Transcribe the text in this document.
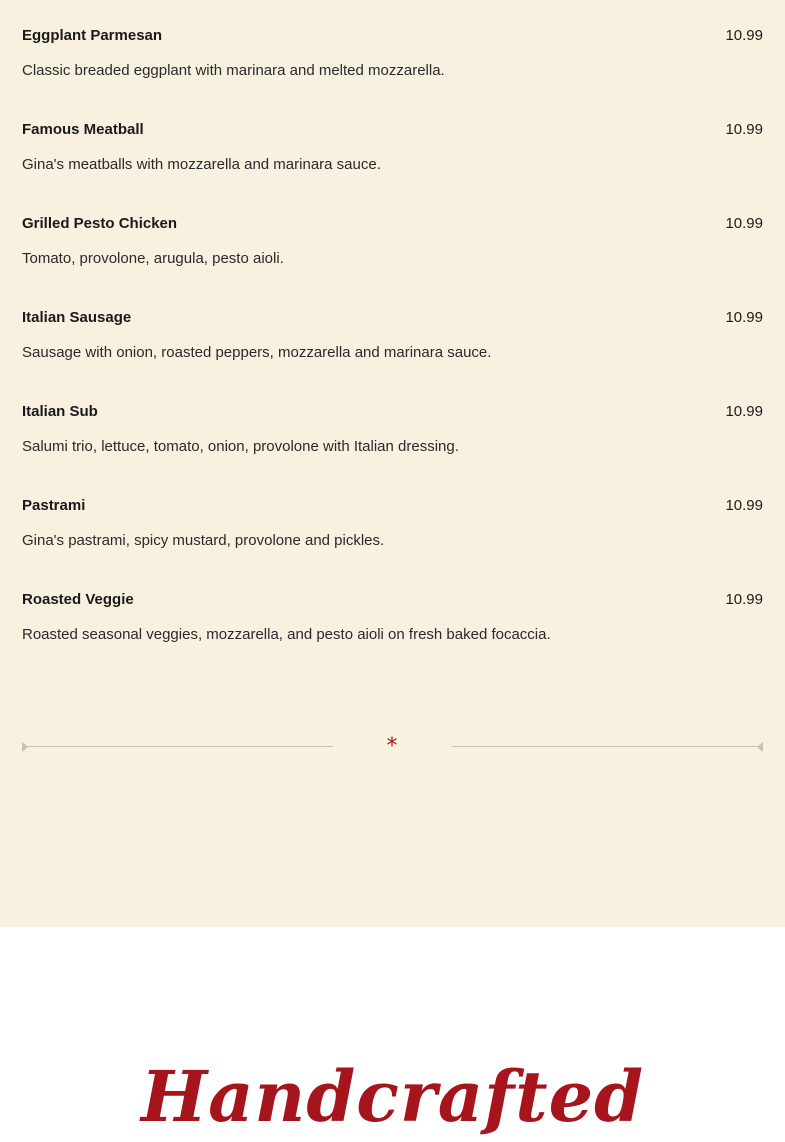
Eggplant Parmesan	10.99
Classic breaded eggplant with marinara and melted mozzarella.
Famous Meatball	10.99
Gina's meatballs with mozzarella and marinara sauce.
Grilled Pesto Chicken	10.99
Tomato, provolone, arugula, pesto aioli.
Italian Sausage	10.99
Sausage with onion, roasted peppers, mozzarella and marinara sauce.
Italian Sub	10.99
Salumi trio, lettuce, tomato, onion, provolone with Italian dressing.
Pastrami	10.99
Gina's pastrami, spicy mustard, provolone and pickles.
Roasted Veggie	10.99
Roasted seasonal veggies, mozzarella, and pesto aioli on fresh baked focaccia.
*
Handcrafted
